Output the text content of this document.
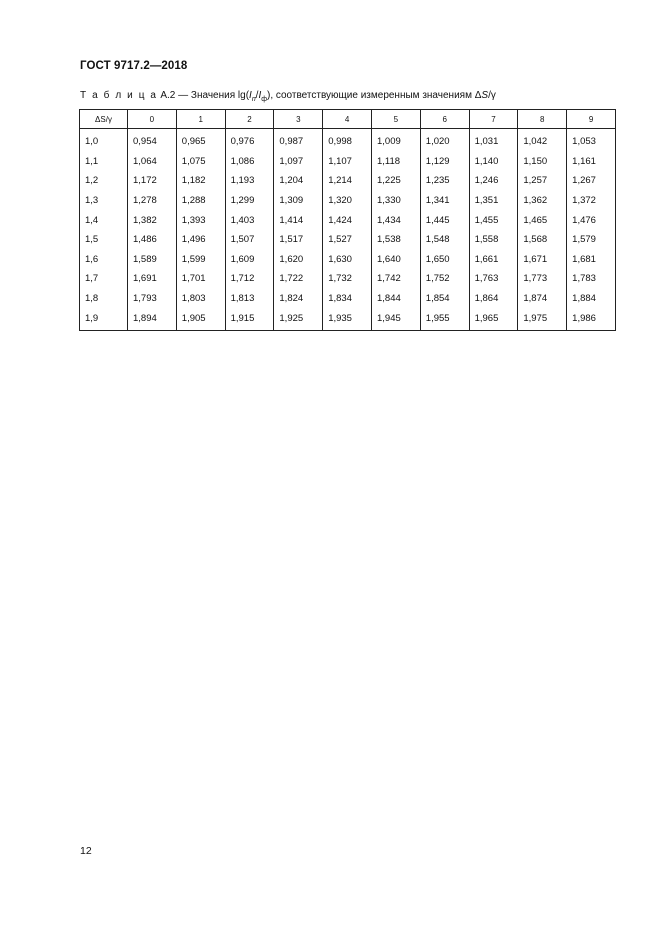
ГОСТ 9717.2—2018
Т а б л и ц а А.2 — Значения $\lg(I_п/I_ф)$, соответствующие измеренным значениям ΔS/γ
ΔS/γ	0	1	2	3	4	5	6	7	8	9
1,0	0,954	0,965	0,976	0,987	0,998	1,009	1,020	1,031	1,042	1,053
1,1	1,064	1,075	1,086	1,097	1,107	1,118	1,129	1,140	1,150	1,161
1,2	1,172	1,182	1,193	1,204	1,214	1,225	1,235	1,246	1,257	1,267
1,3	1,278	1,288	1,299	1,309	1,320	1,330	1,341	1,351	1,362	1,372
1,4	1,382	1,393	1,403	1,414	1,424	1,434	1,445	1,455	1,465	1,476
1,5	1,486	1,496	1,507	1,517	1,527	1,538	1,548	1,558	1,568	1,579
1,6	1,589	1,599	1,609	1,620	1,630	1,640	1,650	1,661	1,671	1,681
1,7	1,691	1,701	1,712	1,722	1,732	1,742	1,752	1,763	1,773	1,783
1,8	1,793	1,803	1,813	1,824	1,834	1,844	1,854	1,864	1,874	1,884
1,9	1,894	1,905	1,915	1,925	1,935	1,945	1,955	1,965	1,975	1,986
12
